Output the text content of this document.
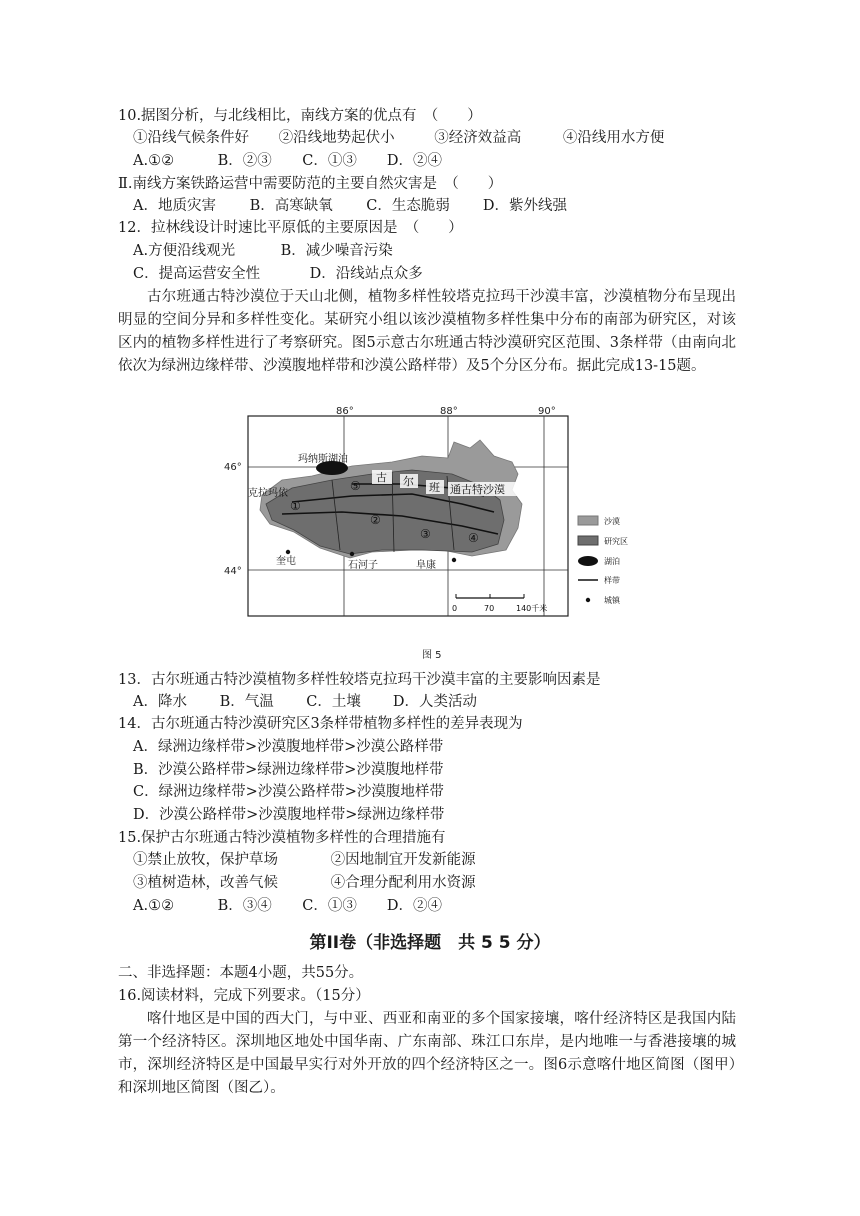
10.据图分析，与北线相比，南线方案的优点有　（　　）
①沿线气候条件好 ②沿线地势起伏小	③经济效益高	④沿线用水方便
A.①②	B．②③ C．①③ D．②④
Ⅱ.南线方案铁路运营中需要防范的主要自然灾害是　（　　）
A．地质灾害 B．高寒缺氧 C．生态脆弱 D．紫外线强
12．拉林线设计时速比平原低的主要原因是　（　　）
A.方便沿线观光	B．减少噪音污染
C．提高运营安全性	D．沿线站点众多

古尔班通古特沙漠位于天山北侧，植物多样性较塔克拉玛干沙漠丰富，沙漠植物分布呈现出明显的空间分异和多样性变化。某研究小组以该沙漠植物多样性集中分布的南部为研究区，对该区内的植物多样性进行了考察研究。图5示意古尔班通古特沙漠研究区范围、3条样带（由南向北依次为绿洲边缘样带、沙漠腹地样带和沙漠公路样带）及5个分区分布。据此完成13-15题。

86°	88°	90°
46°
44°
玛纳斯湖泊
①
②
③	④
⑤
古 尔 班 通古特沙漠
克拉玛依
奎屯	石河子	阜康
0	70	140千米
沙漠
研究区
湖泊
样带
城镇
图 5
13．古尔班通古特沙漠植物多样性较塔克拉玛干沙漠丰富的主要影响因素是
A．降水 B．气温 C．土壤 D．人类活动
14．古尔班通古特沙漠研究区3条样带植物多样性的差异表现为
A．绿洲边缘样带>沙漠腹地样带>沙漠公路样带
B．沙漠公路样带>绿洲边缘样带>沙漠腹地样带
C．绿洲边缘样带>沙漠公路样带>沙漠腹地样带
D．沙漠公路样带>沙漠腹地样带>绿洲边缘样带
15.保护古尔班通古特沙漠植物多样性的合理措施有
①禁止放牧，保护草场	②因地制宜开发新能源
③植树造林，改善气候	④合理分配利用水资源
A.①②	B．③④ C．①③ D．②④
第II卷（非选择题　共 5 5 分）
二、非选择题：本题4小题，共55分。
16.阅读材料，完成下列要求。（15分）

喀什地区是中国的西大门，与中亚、西亚和南亚的多个国家接壤，喀什经济特区是我国内陆第一个经济特区。深圳地区地处中国华南、广东南部、珠江口东岸，是内地唯一与香港接壤的城市，深圳经济特区是中国最早实行对外开放的四个经济特区之一。图6示意喀什地区简图（图甲）和深圳地区简图（图乙）。
